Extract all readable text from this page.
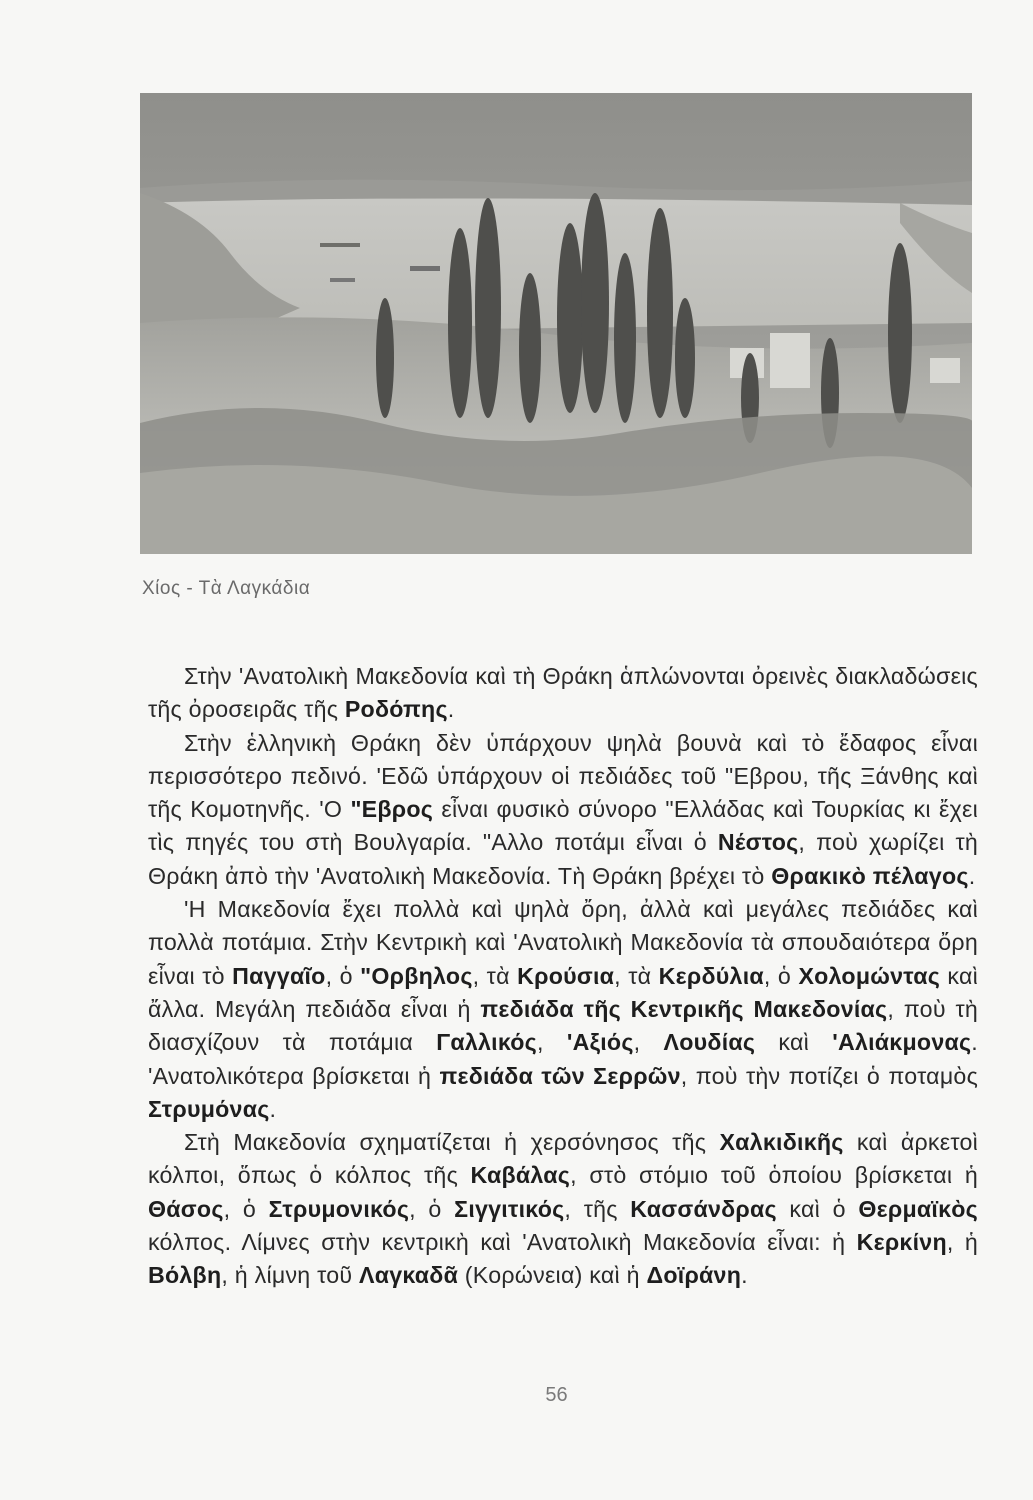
Χίος - Τὰ Λαγκάδια

Στὴν 'Ανατολικὴ Μακεδονία καὶ τὴ Θράκη ἁπλώνονται ὀρεινὲς διακλαδώσεις τῆς ὀροσειρᾶς τῆς Ροδόπης.

Στὴν ἑλληνικὴ Θράκη δὲν ὑπάρχουν ψηλὰ βουνὰ καὶ τὸ ἔδαφος εἶναι περισσότερο πεδινό. 'Εδῶ ὑπάρχουν οἱ πεδιάδες τοῦ "Εβρου, τῆς Ξάνθης καὶ τῆς Κομοτηνῆς. 'Ο "Εβρος εἶναι φυσικὸ σύνορο "Ελλάδας καὶ Τουρκίας κι ἔχει τὶς πηγές του στὴ Βουλγαρία. "Αλλο ποτάμι εἶναι ὁ Νέστος, ποὺ χωρίζει τὴ Θράκη ἀπὸ τὴν 'Ανατολικὴ Μακεδονία. Τὴ Θράκη βρέχει τὸ Θρακικὸ πέλαγος.

'Η Μακεδονία ἔχει πολλὰ καὶ ψηλὰ ὄρη, ἀλλὰ καὶ μεγάλες πεδιάδες καὶ πολλὰ ποτάμια. Στὴν Κεντρικὴ καὶ 'Ανατολικὴ Μακεδονία τὰ σπουδαιότερα ὄρη εἶναι τὸ Παγγαῖο, ὁ "Ορβηλος, τὰ Κρούσια, τὰ Κερδύλια, ὁ Χολομώντας καὶ ἄλλα. Μεγάλη πεδιάδα εἶναι ἡ πεδιάδα τῆς Κεντρικῆς Μακεδονίας, ποὺ τὴ διασχίζουν τὰ ποτάμια Γαλλικός, 'Αξιός, Λουδίας καὶ 'Αλιάκμονας. 'Ανατολικότερα βρίσκεται ἡ πεδιάδα τῶν Σερρῶν, ποὺ τὴν ποτίζει ὁ ποταμὸς Στρυμόνας.

Στὴ Μακεδονία σχηματίζεται ἡ χερσόνησος τῆς Χαλκιδικῆς καὶ ἀρκετοὶ κόλποι, ὅπως ὁ κόλπος τῆς Καβάλας, στὸ στόμιο τοῦ ὁποίου βρίσκεται ἡ Θάσος, ὁ Στρυμονικός, ὁ Σιγγιτικός, τῆς Κασσάνδρας καὶ ὁ Θερμαϊκὸς κόλπος. Λίμνες στὴν κεντρικὴ καὶ 'Ανατολικὴ Μακεδονία εἶναι: ἡ Κερκίνη, ἡ Βόλβη, ἡ λίμνη τοῦ Λαγκαδᾶ (Κορώνεια) καὶ ἡ Δοϊράνη.

56
